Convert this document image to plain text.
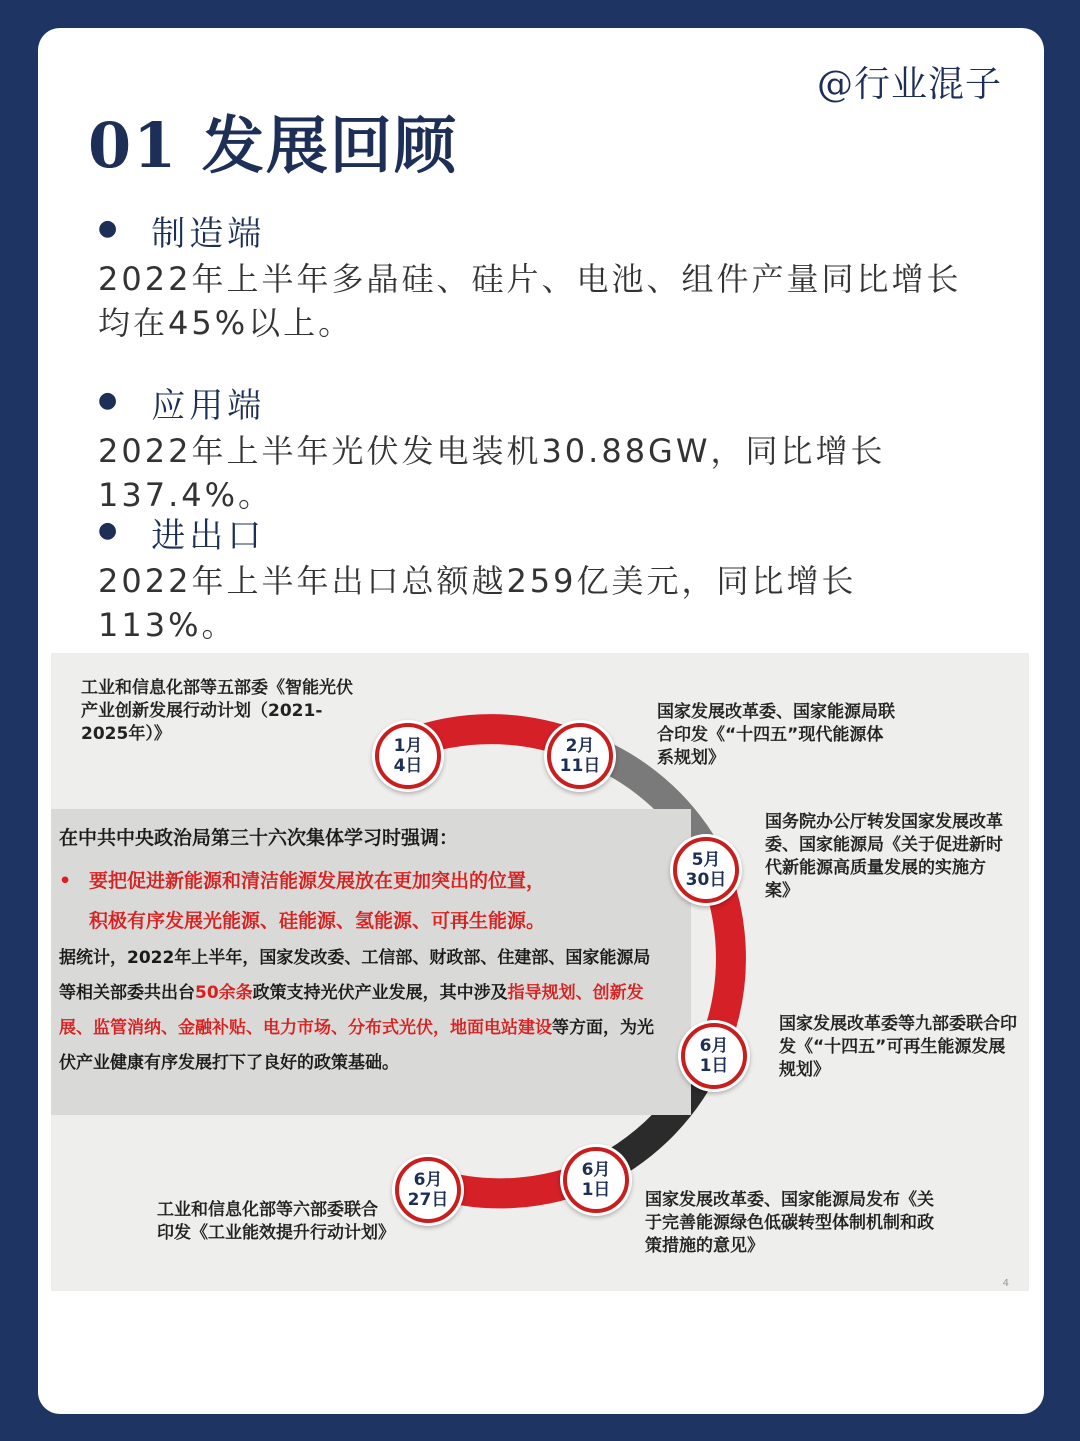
@行业混子
01 发展回顾
● 制造端
2022年上半年多晶硅、硅片、电池、组件产量同比增长均在45%以上。
● 应用端
2022年上半年光伏发电装机30.88GW，同比增长137.4%。
● 进出口
2022年上半年出口总额越259亿美元，同比增长113%。
在中共中央政治局第三十六次集体学习时强调：
• 要把促进新能源和清洁能源发展放在更加突出的位置，
积极有序发展光能源、硅能源、氢能源、可再生能源。
据统计，2022年上半年，国家发改委、工信部、财政部、住建部、国家能源局等相关部委共出台50余条政策支持光伏产业发展，其中涉及指导规划、创新发展、监管消纳、金融补贴、电力市场、分布式光伏，地面电站建设等方面，为光伏产业健康有序发展打下了良好的政策基础。
1月
4日
2月
11日
5月
30日
6月
1日
6月
1日
6月
27日
工业和信息化部等五部委《智能光伏产业创新发展行动计划（2021-2025年）》
国家发展改革委、国家能源局联合印发《“十四五”现代能源体系规划》
国务院办公厅转发国家发展改革委、国家能源局《关于促进新时代新能源高质量发展的实施方案》
国家发展改革委等九部委联合印发《“十四五”可再生能源发展规划》
国家发展改革委、国家能源局发布《关于完善能源绿色低碳转型体制机制和政策措施的意见》
工业和信息化部等六部委联合印发《工业能效提升行动计划》
4
